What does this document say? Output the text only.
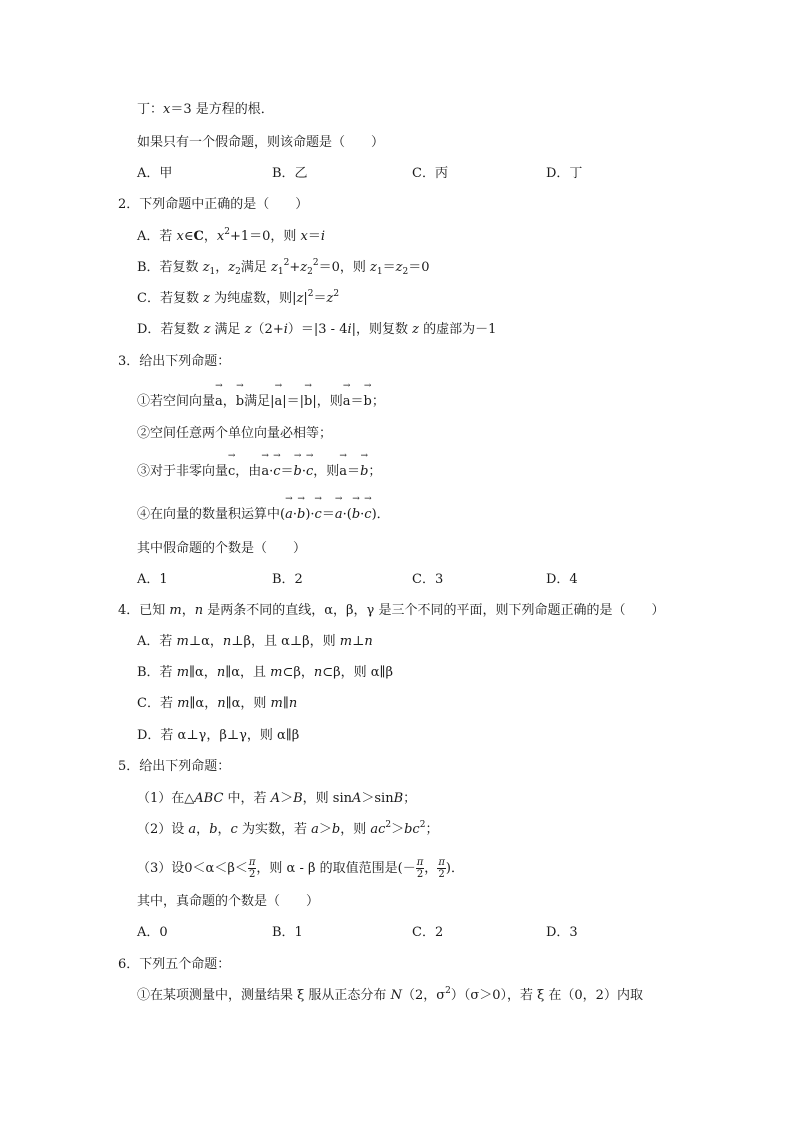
丁：x＝3 是方程的根．
如果只有一个假命题，则该命题是（　　）
A．甲	B．乙	C．丙	D．丁
2．下列命题中正确的是（　　）
A．若 x∈C，$x^2+1=0$，则 x＝i
B．若复数 $z_1$，$z_2$满足 $z_1^2+z_2^2=0$，则 $z_1=z_2=0$
C．若复数 z 为纯虚数，则$|z|^2=z^2$
D．若复数 z 满足 z（2+i）＝|3 - 4i|，则复数 z 的虚部为－1
3．给出下列命题：
①若空间向量→ a，→ b满足|→ a|＝|→ b|，则→ a＝→ b；
②空间任意两个单位向量必相等；
③对于非零向量→ c，由→ a·→ c＝→ b·→ c，则→ a＝→ b；
④在向量的数量积运算中(→ a·→ b)·→ c＝→ a·(→ b·→ c)．
其中假命题的个数是（　　）
A．1	B．2	C．3	D．4
4．已知 m，n 是两条不同的直线，α，β，γ 是三个不同的平面，则下列命题正确的是（　　）
A．若 m⊥α，n⊥β，且 α⊥β，则 m⊥n
B．若 m∥α，n∥α，且 m⊂β，n⊂β，则 α∥β
C．若 m∥α，n∥α，则 m∥n
D．若 α⊥γ，β⊥γ，则 α∥β
5．给出下列命题：
（1）在△ABC 中，若 A＞B，则 sinA＞sinB；
（2）设 a，b，c 为实数，若 a＞b，则 $ac^2>bc^2$；
（3）设$0<\alpha<\beta< \frac{\pi}{2}$ ，则 α - β 的取值范围是(－ $\frac{\pi}{2}$ ， $\frac{\pi}{2}$ )．
其中，真命题的个数是（　　）
A．0	B．1	C．2	D．3
6．下列五个命题：
①在某项测量中，测量结果 ξ 服从正态分布 N（2，$\sigma^2)(\sigma>0)$，若 ξ 在（0，2）内取
